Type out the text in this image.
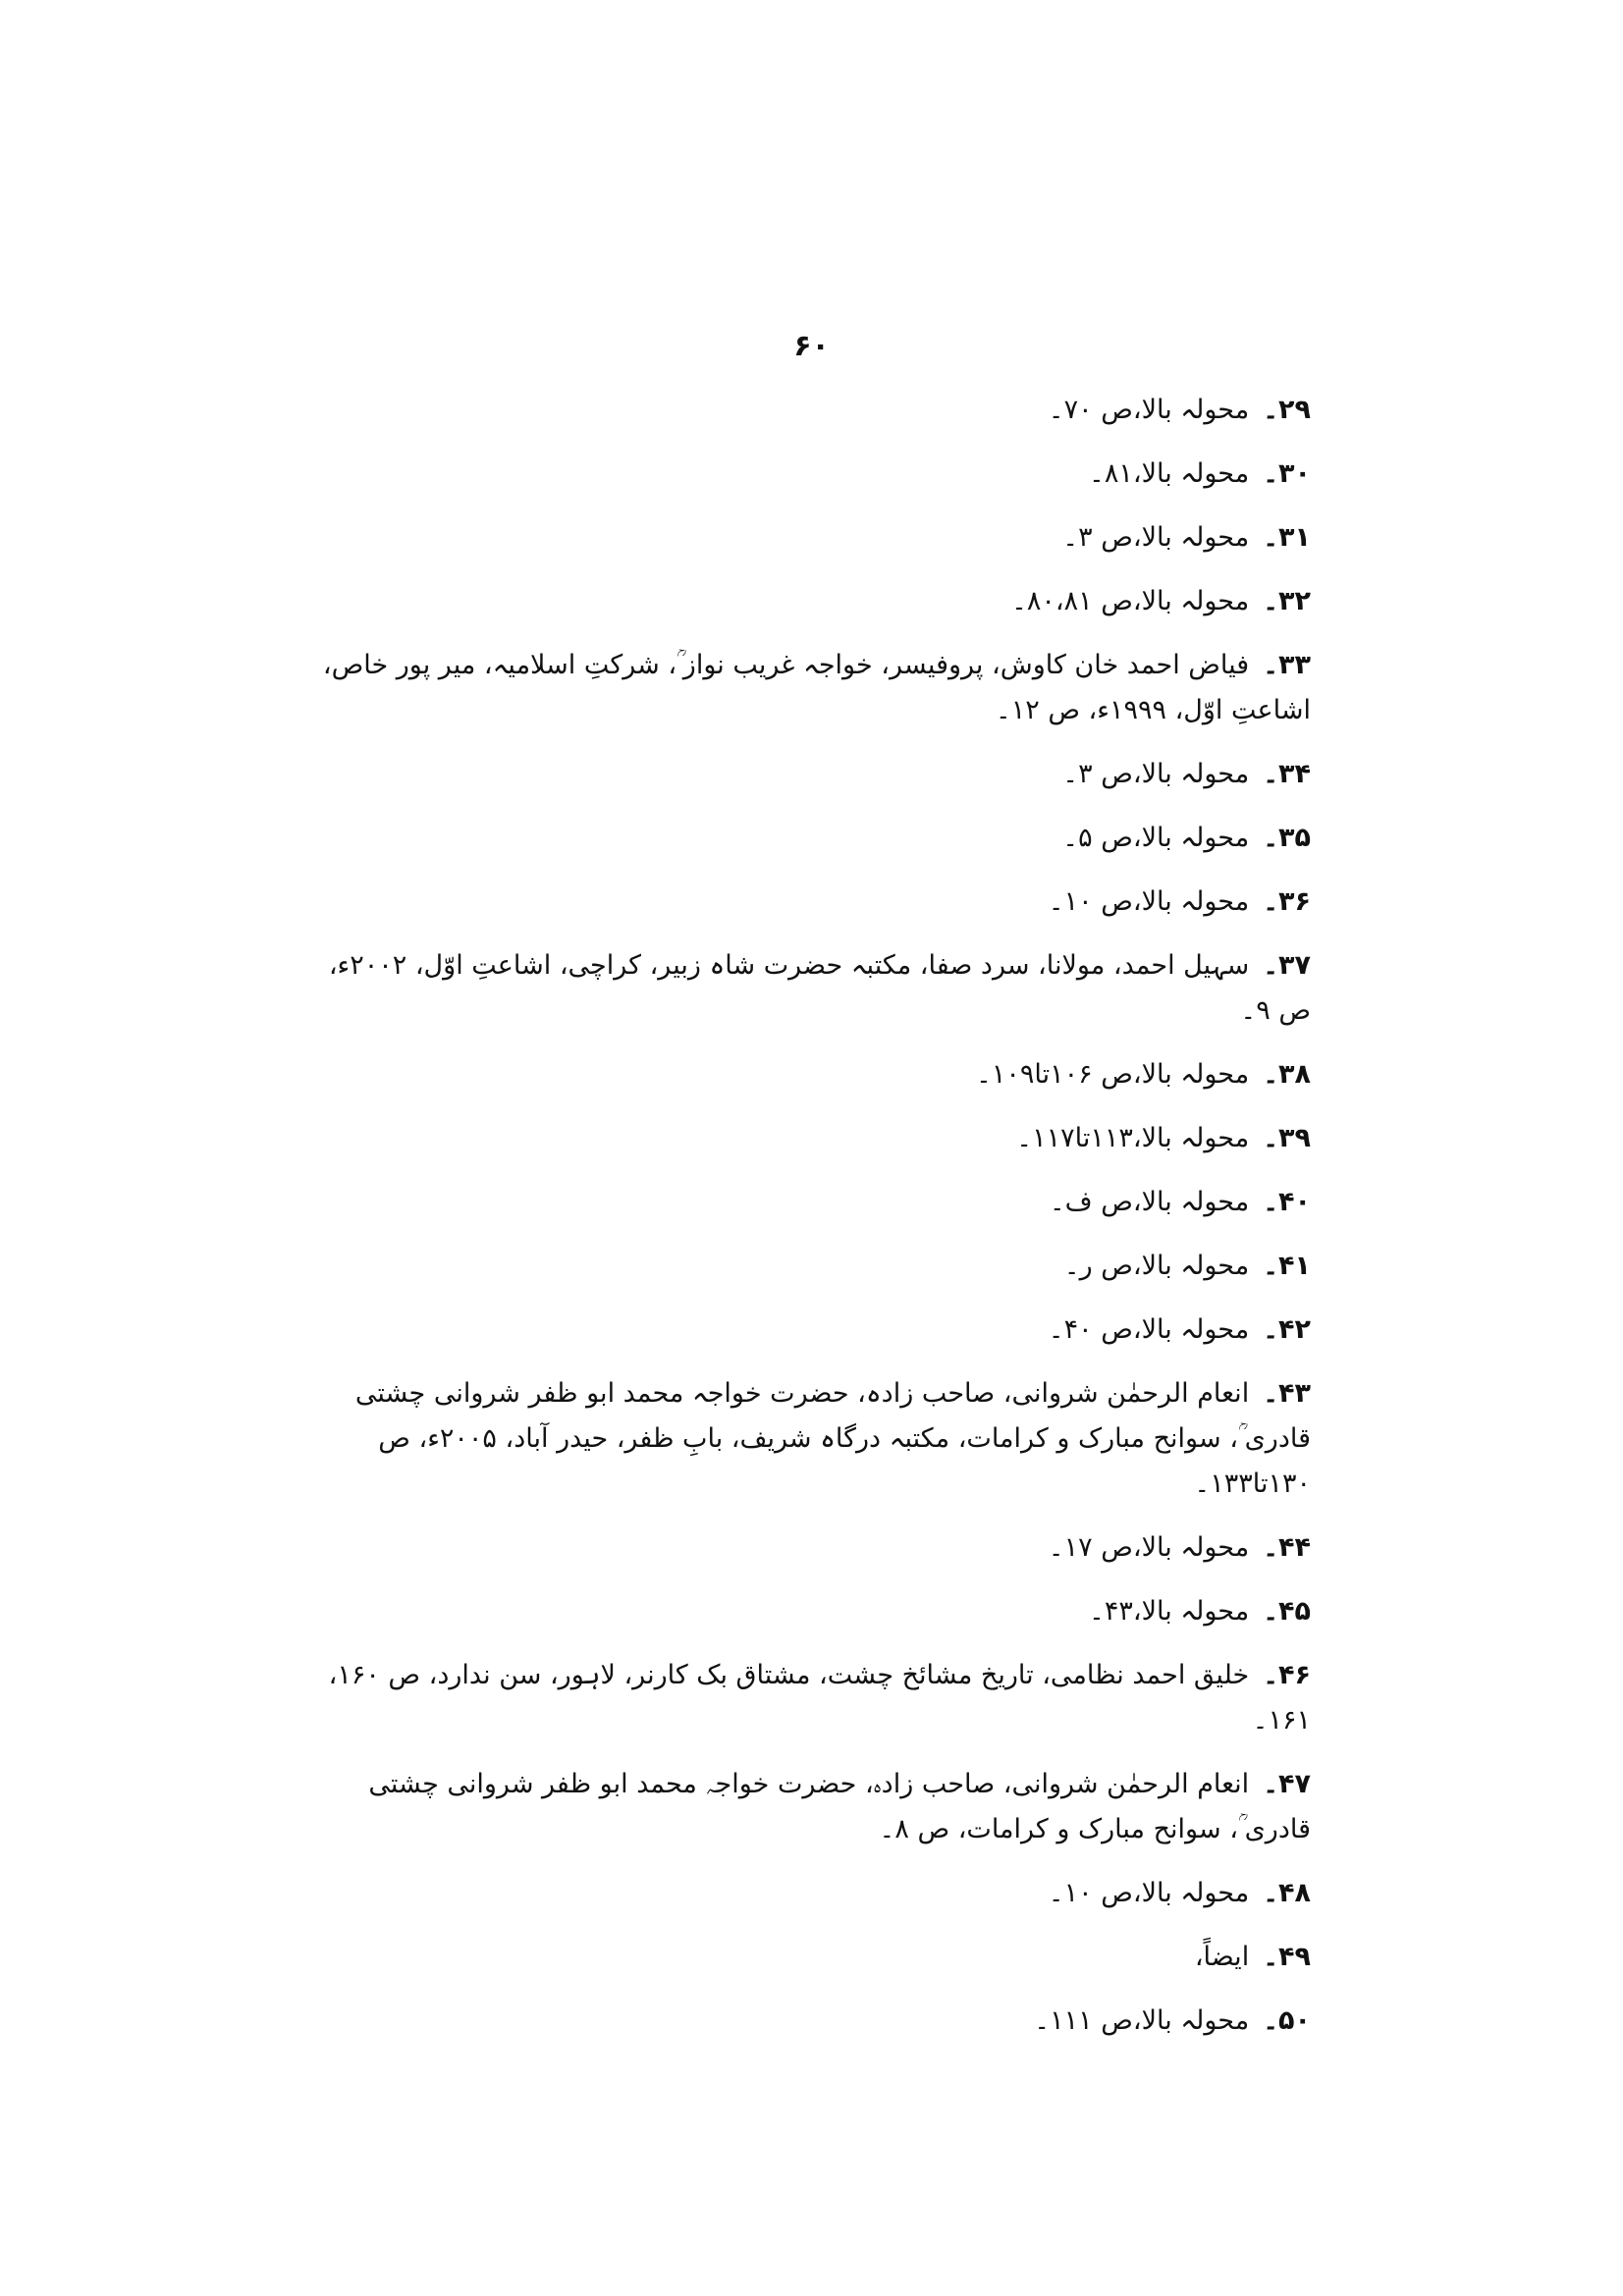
۶۰
۲۹۔محولہ بالا،ص ۷۰۔
۳۰۔محولہ بالا،۸۱۔
۳۱۔محولہ بالا،ص ۳۔
۳۲۔محولہ بالا،ص ۸۰،۸۱۔
۳۳۔فیاض احمد خان کاوش، پروفیسر، خواجہ غریب نواز ؒ، شرکتِ اسلامیہ، میر پور خاص، اشاعتِ اوّل، ۱۹۹۹ء، ص ۱۲۔
۳۴۔محولہ بالا،ص ۳۔
۳۵۔محولہ بالا،ص ۵۔
۳۶۔محولہ بالا،ص ۱۰۔
۳۷۔سہیل احمد، مولانا، سرد صفا، مکتبہ حضرت شاہ زبیر، کراچی، اشاعتِ اوّل، ۲۰۰۲ء، ص ۹۔
۳۸۔محولہ بالا،ص ۱۰۶تا۱۰۹۔
۳۹۔محولہ بالا،۱۱۳تا۱۱۷۔
۴۰۔محولہ بالا،ص ف۔
۴۱۔محولہ بالا،ص ر۔
۴۲۔محولہ بالا،ص ۴۰۔
۴۳۔انعام الرحمٰن شروانی، صاحب زادہ، حضرت خواجہ محمد ابو ظفر شروانی چشتی قادری ؒ، سوانح مبارک و کرامات، مکتبہ درگاہ شریف، بابِ ظفر، حیدر آباد، ۲۰۰۵ء، ص ۱۳۰تا۱۳۳۔
۴۴۔محولہ بالا،ص ۱۷۔
۴۵۔محولہ بالا،۴۳۔
۴۶۔خلیق احمد نظامی، تاریخ مشائخ چشت، مشتاق بک کارنر، لاہور، سن ندارد، ص ۱۶۰، ۱۶۱۔
۴۷۔انعام الرحمٰن شروانی، صاحب زادہ، حضرت خواجہ محمد ابو ظفر شروانی چشتی قادری ؒ، سوانح مبارک و کرامات، ص ۸۔
۴۸۔محولہ بالا،ص ۱۰۔
۴۹۔ایضاً،
۵۰۔محولہ بالا،ص ۱۱۱۔
